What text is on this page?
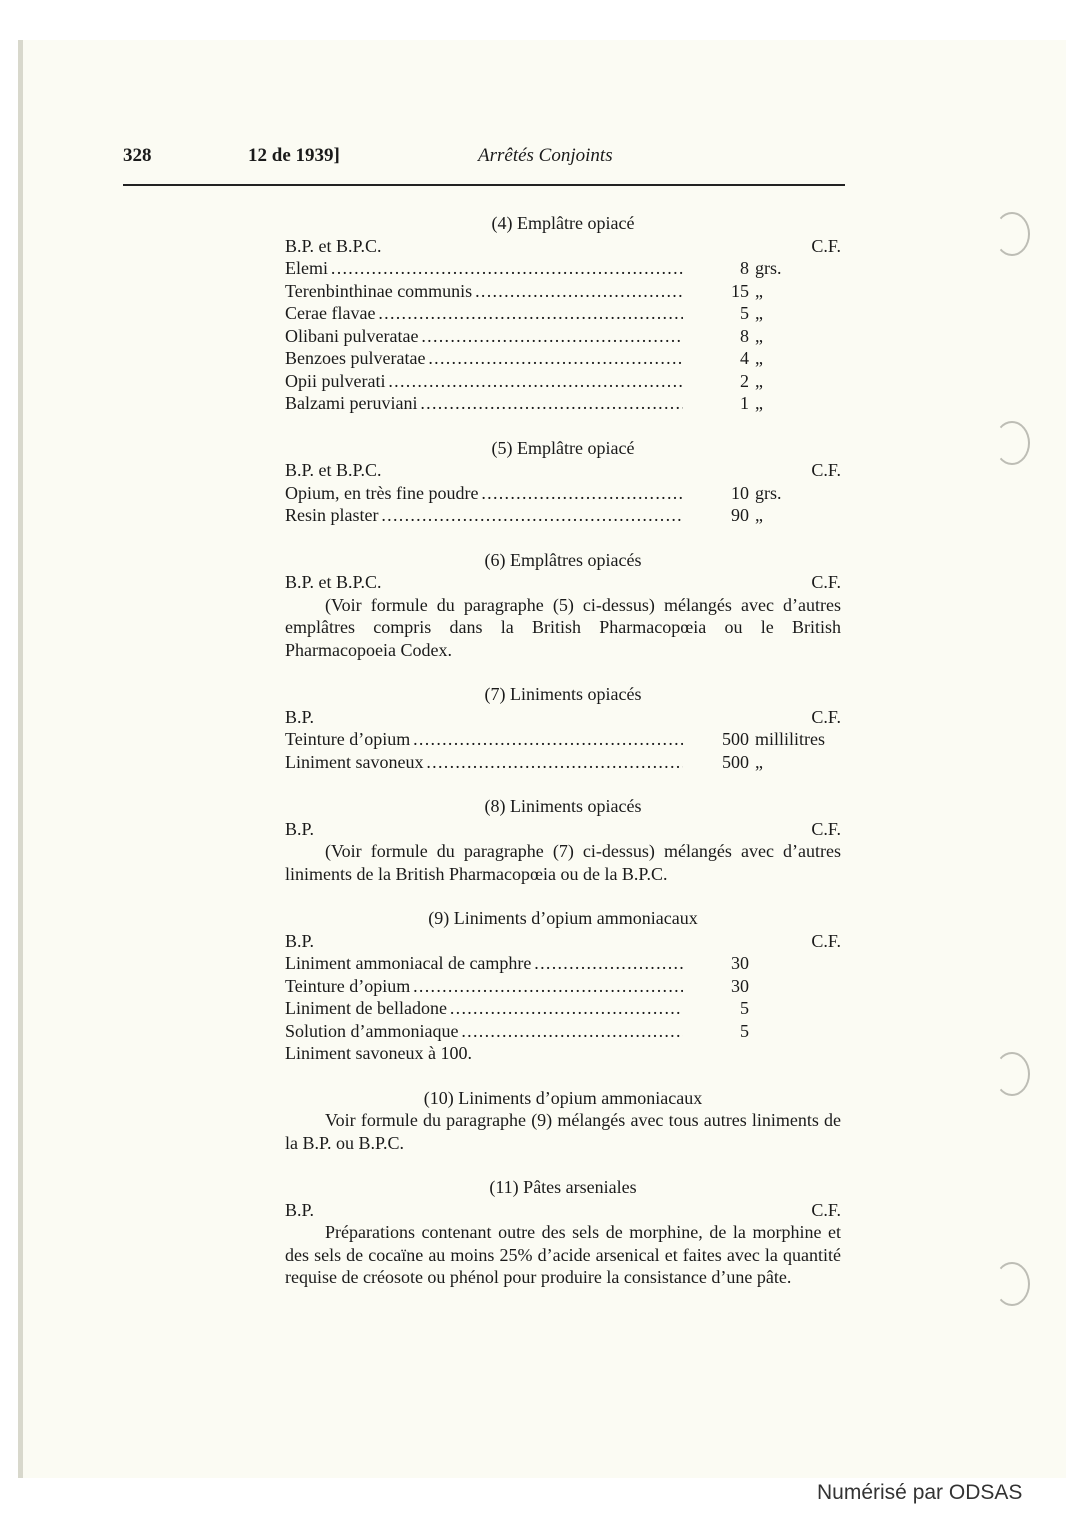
328	12 de 1939]	Arrêtés Conjoints
(4) Emplâtre opiacé
B.P. et B.P.C.	C.F.
Elemi . . .	8 grs.
Terenbinthinae communis . . .	15 „
Cerae flavae . . .	5 „
Olibani pulveratae . . .	8 „
Benzoes pulveratae . . .	4 „
Opii pulverati . . .	2 „
Balzami peruviani . . .	1 „
(5) Emplâtre opiacé
B.P. et B.P.C.	C.F.
Opium, en très fine poudre . . .	10 grs.
Resin plaster . . .	90 „
(6) Emplâtres opiacés
B.P. et B.P.C.	C.F.
(Voir formule du paragraphe (5) ci-dessus) mélangés avec d’autres emplâtres compris dans la British Pharmacopœia ou le British Pharmacopoeia Codex.
(7) Liniments opiacés
B.P.	C.F.
Teinture d’opium . . .	500 millilitres
Liniment savoneux . . .	500 „
(8) Liniments opiacés
B.P.	C.F.
(Voir formule du paragraphe (7) ci-dessus) mélangés avec d’autres liniments de la British Pharmacopœia ou de la B.P.C.
(9) Liniments d’opium ammoniacaux
B.P.	C.F.
Liniment ammoniacal de camphre . . .	30
Teinture d’opium . . .	30
Liniment de belladone . . .	5
Solution d’ammoniaque . . .	5
Liniment savoneux à 100.
(10) Liniments d’opium ammoniacaux
Voir formule du paragraphe (9) mélangés avec tous autres liniments de la B.P. ou B.P.C.
(11) Pâtes arseniales
B.P.	C.F.
Préparations contenant outre des sels de morphine, de la morphine et des sels de cocaïne au moins 25% d’acide arsenical et faites avec la quantité requise de créosote ou phénol pour produire la consistance d’une pâte.
Numérisé par ODSAS
